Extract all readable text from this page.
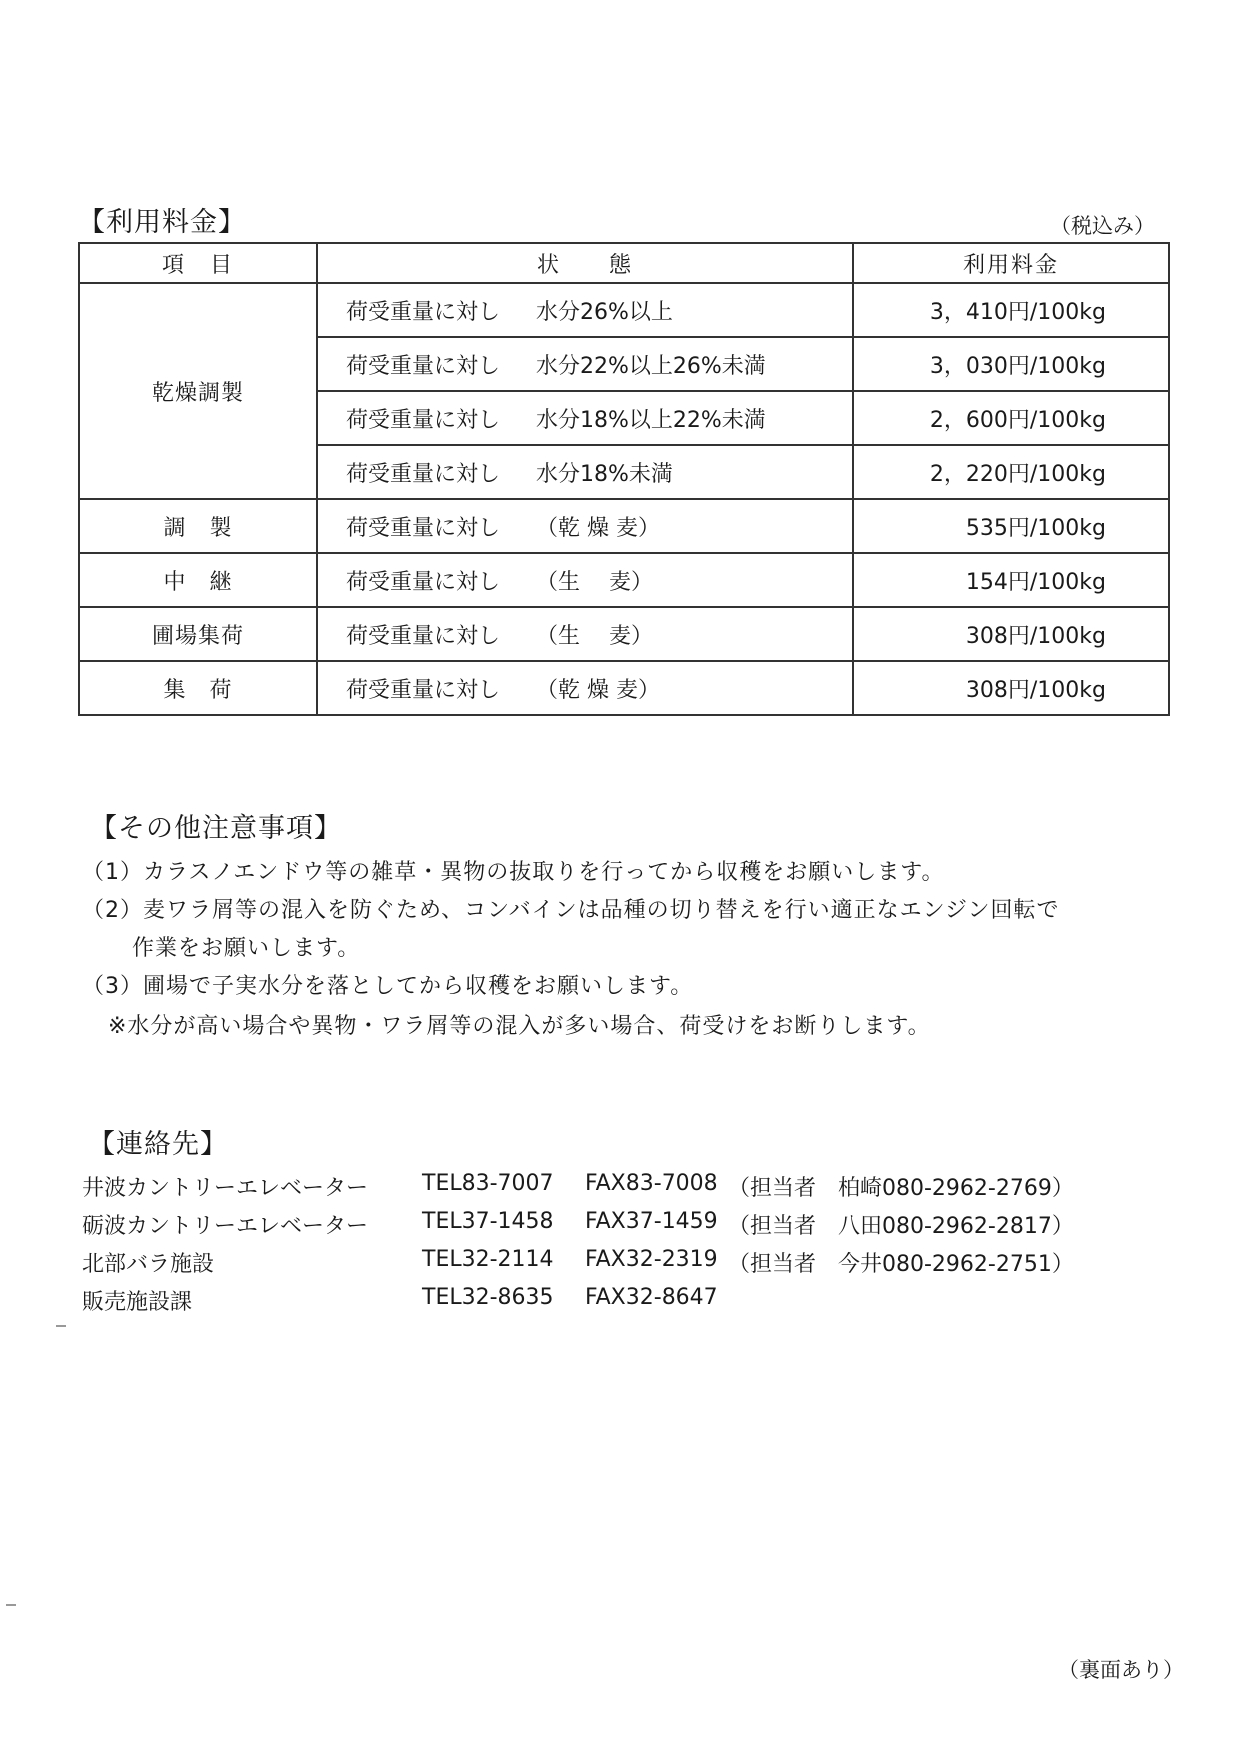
【利用料金】	（税込み）
項　目	状　　態	利用料金
乾燥調製	荷受重量に対し 水分26%以上	3，410円/100kg
	荷受重量に対し 水分22%以上26%未満	3，030円/100kg
	荷受重量に対し 水分18%以上22%未満	2，600円/100kg
	荷受重量に対し 水分18%未満	2，220円/100kg
調　製	荷受重量に対し （乾 燥 麦）	535円/100kg
中　継	荷受重量に対し （生　 麦）	154円/100kg
圃場集荷	荷受重量に対し （生　 麦）	308円/100kg
集　荷	荷受重量に対し （乾 燥 麦）	308円/100kg
【その他注意事項】
（1）カラスノエンドウ等の雑草・異物の抜取りを行ってから収穫をお願いします。
（2）麦ワラ屑等の混入を防ぐため、コンバインは品種の切り替えを行い適正なエンジン回転で
作業をお願いします。
（3）圃場で子実水分を落としてから収穫をお願いします。
※水分が高い場合や異物・ワラ屑等の混入が多い場合、荷受けをお断りします。
【連絡先】
井波カントリーエレベーター TEL83-7007 FAX83-7008 （担当者　柏崎080-2962-2769）
砺波カントリーエレベーター TEL37-1458 FAX37-1459 （担当者　八田080-2962-2817）
北部バラ施設	TEL32-2114 FAX32-2319 （担当者　今井080-2962-2751）
販売施設課	TEL32-8635 FAX32-8647
（裏面あり）
